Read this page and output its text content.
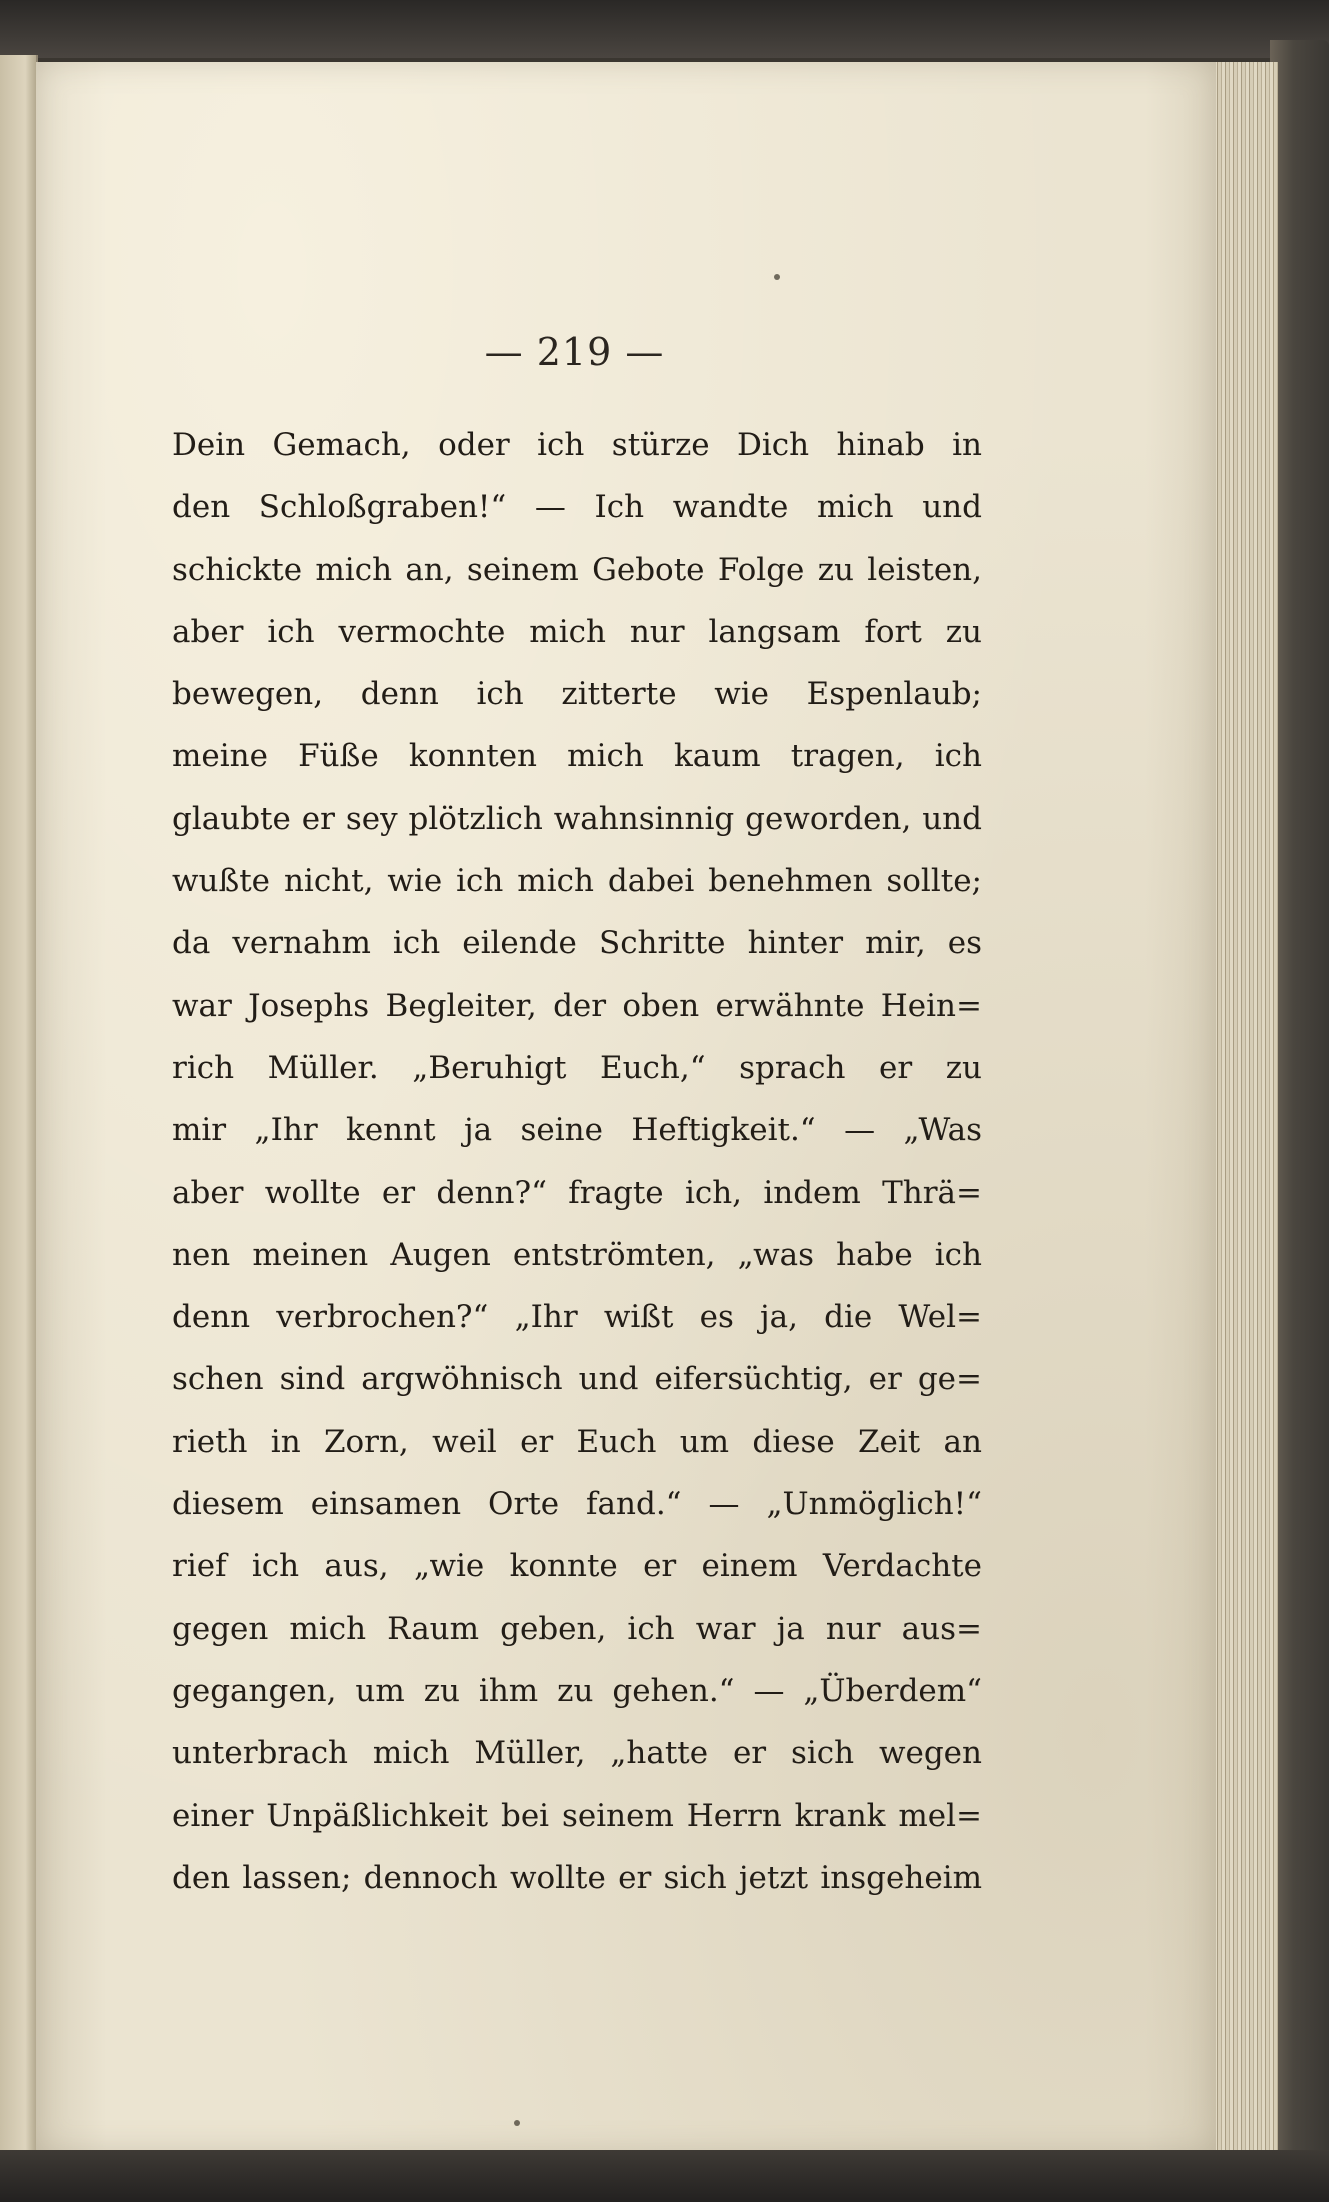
— 219 —

Dein Gemach, oder ich stürze Dich hinab in
den Schloßgraben!“ — Ich wandte mich und
schickte mich an, seinem Gebote Folge zu leisten,
aber ich vermochte mich nur langsam fort zu
bewegen, denn ich zitterte wie Espenlaub;
meine Füße konnten mich kaum tragen, ich
glaubte er sey plötzlich wahnsinnig geworden, und
wußte nicht, wie ich mich dabei benehmen sollte;
da vernahm ich eilende Schritte hinter mir, es
war Josephs Begleiter, der oben erwähnte Hein=
rich Müller. „Beruhigt Euch,“ sprach er zu
mir „Ihr kennt ja seine Heftigkeit.“ — „Was
aber wollte er denn?“ fragte ich, indem Thrä=
nen meinen Augen entströmten, „was habe ich
denn verbrochen?“ „Ihr wißt es ja, die Wel=
schen sind argwöhnisch und eifersüchtig, er ge=
rieth in Zorn, weil er Euch um diese Zeit an
diesem einsamen Orte fand.“ — „Unmöglich!“
rief ich aus, „wie konnte er einem Verdachte
gegen mich Raum geben, ich war ja nur aus=
gegangen, um zu ihm zu gehen.“ — „Überdem“
unterbrach mich Müller, „hatte er sich wegen
einer Unpäßlichkeit bei seinem Herrn krank mel=
den lassen; dennoch wollte er sich jetzt insgeheim
